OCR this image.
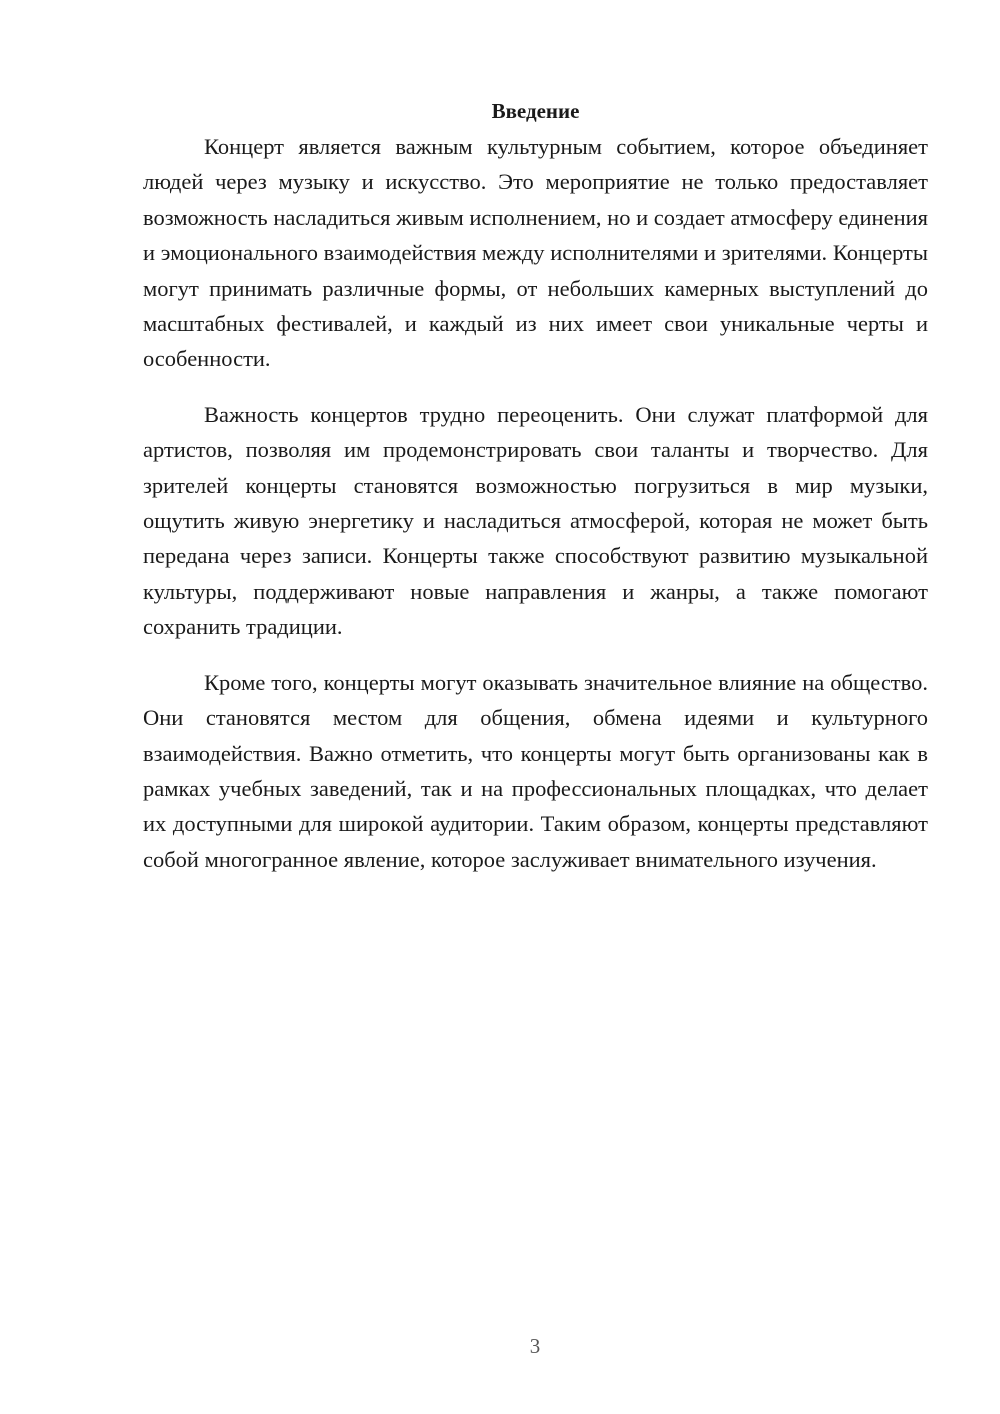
Введение

Концерт является важным культурным событием, которое объединяет людей через музыку и искусство. Это мероприятие не только предоставляет возможность насладиться живым исполнением, но и создает атмосферу единения и эмоционального взаимодействия между исполнителями и зрителями. Концерты могут принимать различные формы, от небольших камерных выступлений до масштабных фестивалей, и каждый из них имеет свои уникальные черты и особенности.

Важность концертов трудно переоценить. Они служат платформой для артистов, позволяя им продемонстрировать свои таланты и творчество. Для зрителей концерты становятся возможностью погрузиться в мир музыки, ощутить живую энергетику и насладиться атмосферой, которая не может быть передана через записи. Концерты также способствуют развитию музыкальной культуры, поддерживают новые направления и жанры, а также помогают сохранить традиции.

Кроме того, концерты могут оказывать значительное влияние на общество. Они становятся местом для общения, обмена идеями и культурного взаимодействия. Важно отметить, что концерты могут быть организованы как в рамках учебных заведений, так и на профессиональных площадках, что делает их доступными для широкой аудитории. Таким образом, концерты представляют собой многогранное явление, которое заслуживает внимательного изучения.

3
